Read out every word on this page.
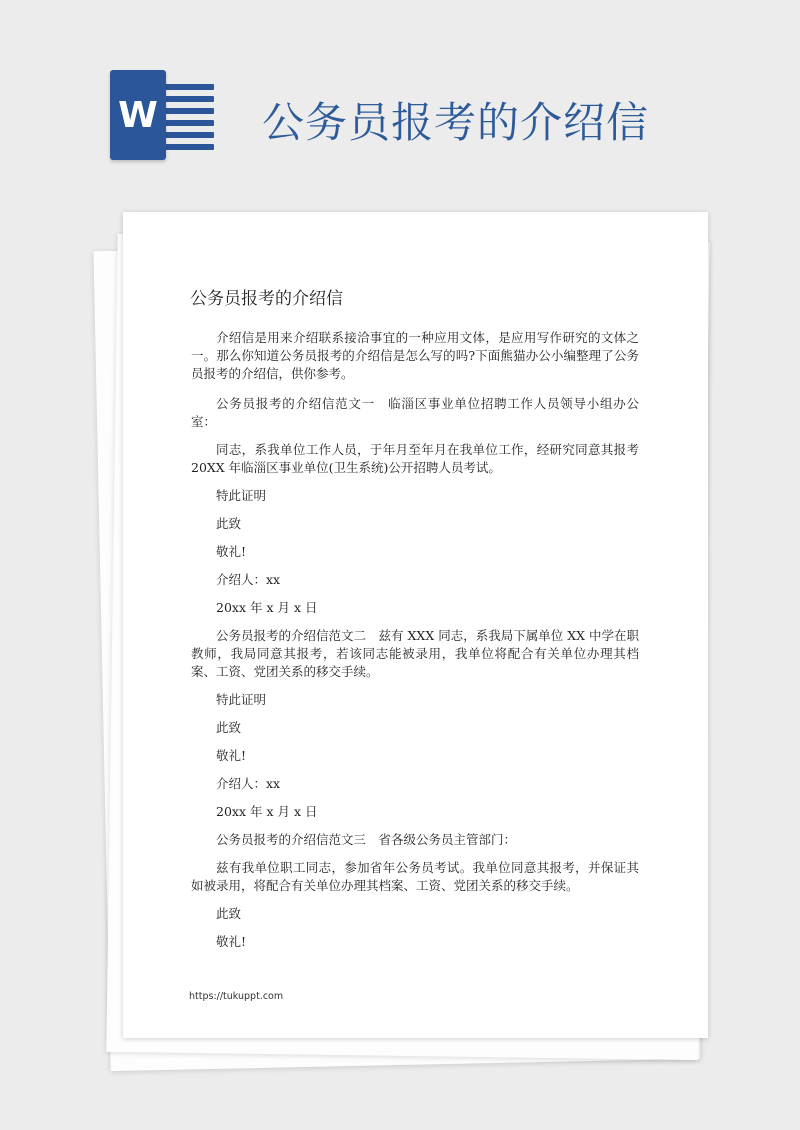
W 公务员报考的介绍信
公务员报考的介绍信

介绍信是用来介绍联系接洽事宜的一种应用文体，是应用写作研究的文体之一。那么你知道公务员报考的介绍信是怎么写的吗?下面熊猫办公小编整理了公务员报考的介绍信，供你参考。

公务员报考的介绍信范文一　临淄区事业单位招聘工作人员领导小组办公室：

同志，系我单位工作人员，于年月至年月在我单位工作，经研究同意其报考 20XX 年临淄区事业单位(卫生系统)公开招聘人员考试。

特此证明

此致

敬礼!

介绍人：xx

20xx 年 x 月 x 日

公务员报考的介绍信范文二　兹有 XXX 同志，系我局下属单位 XX 中学在职教师，我局同意其报考，若该同志能被录用，我单位将配合有关单位办理其档案、工资、党团关系的移交手续。

特此证明

此致

敬礼!

介绍人：xx

20xx 年 x 月 x 日

公务员报考的介绍信范文三　省各级公务员主管部门：

兹有我单位职工同志，参加省年公务员考试。我单位同意其报考，并保证其如被录用，将配合有关单位办理其档案、工资、党团关系的移交手续。

此致

敬礼!

https://tukuppt.com
